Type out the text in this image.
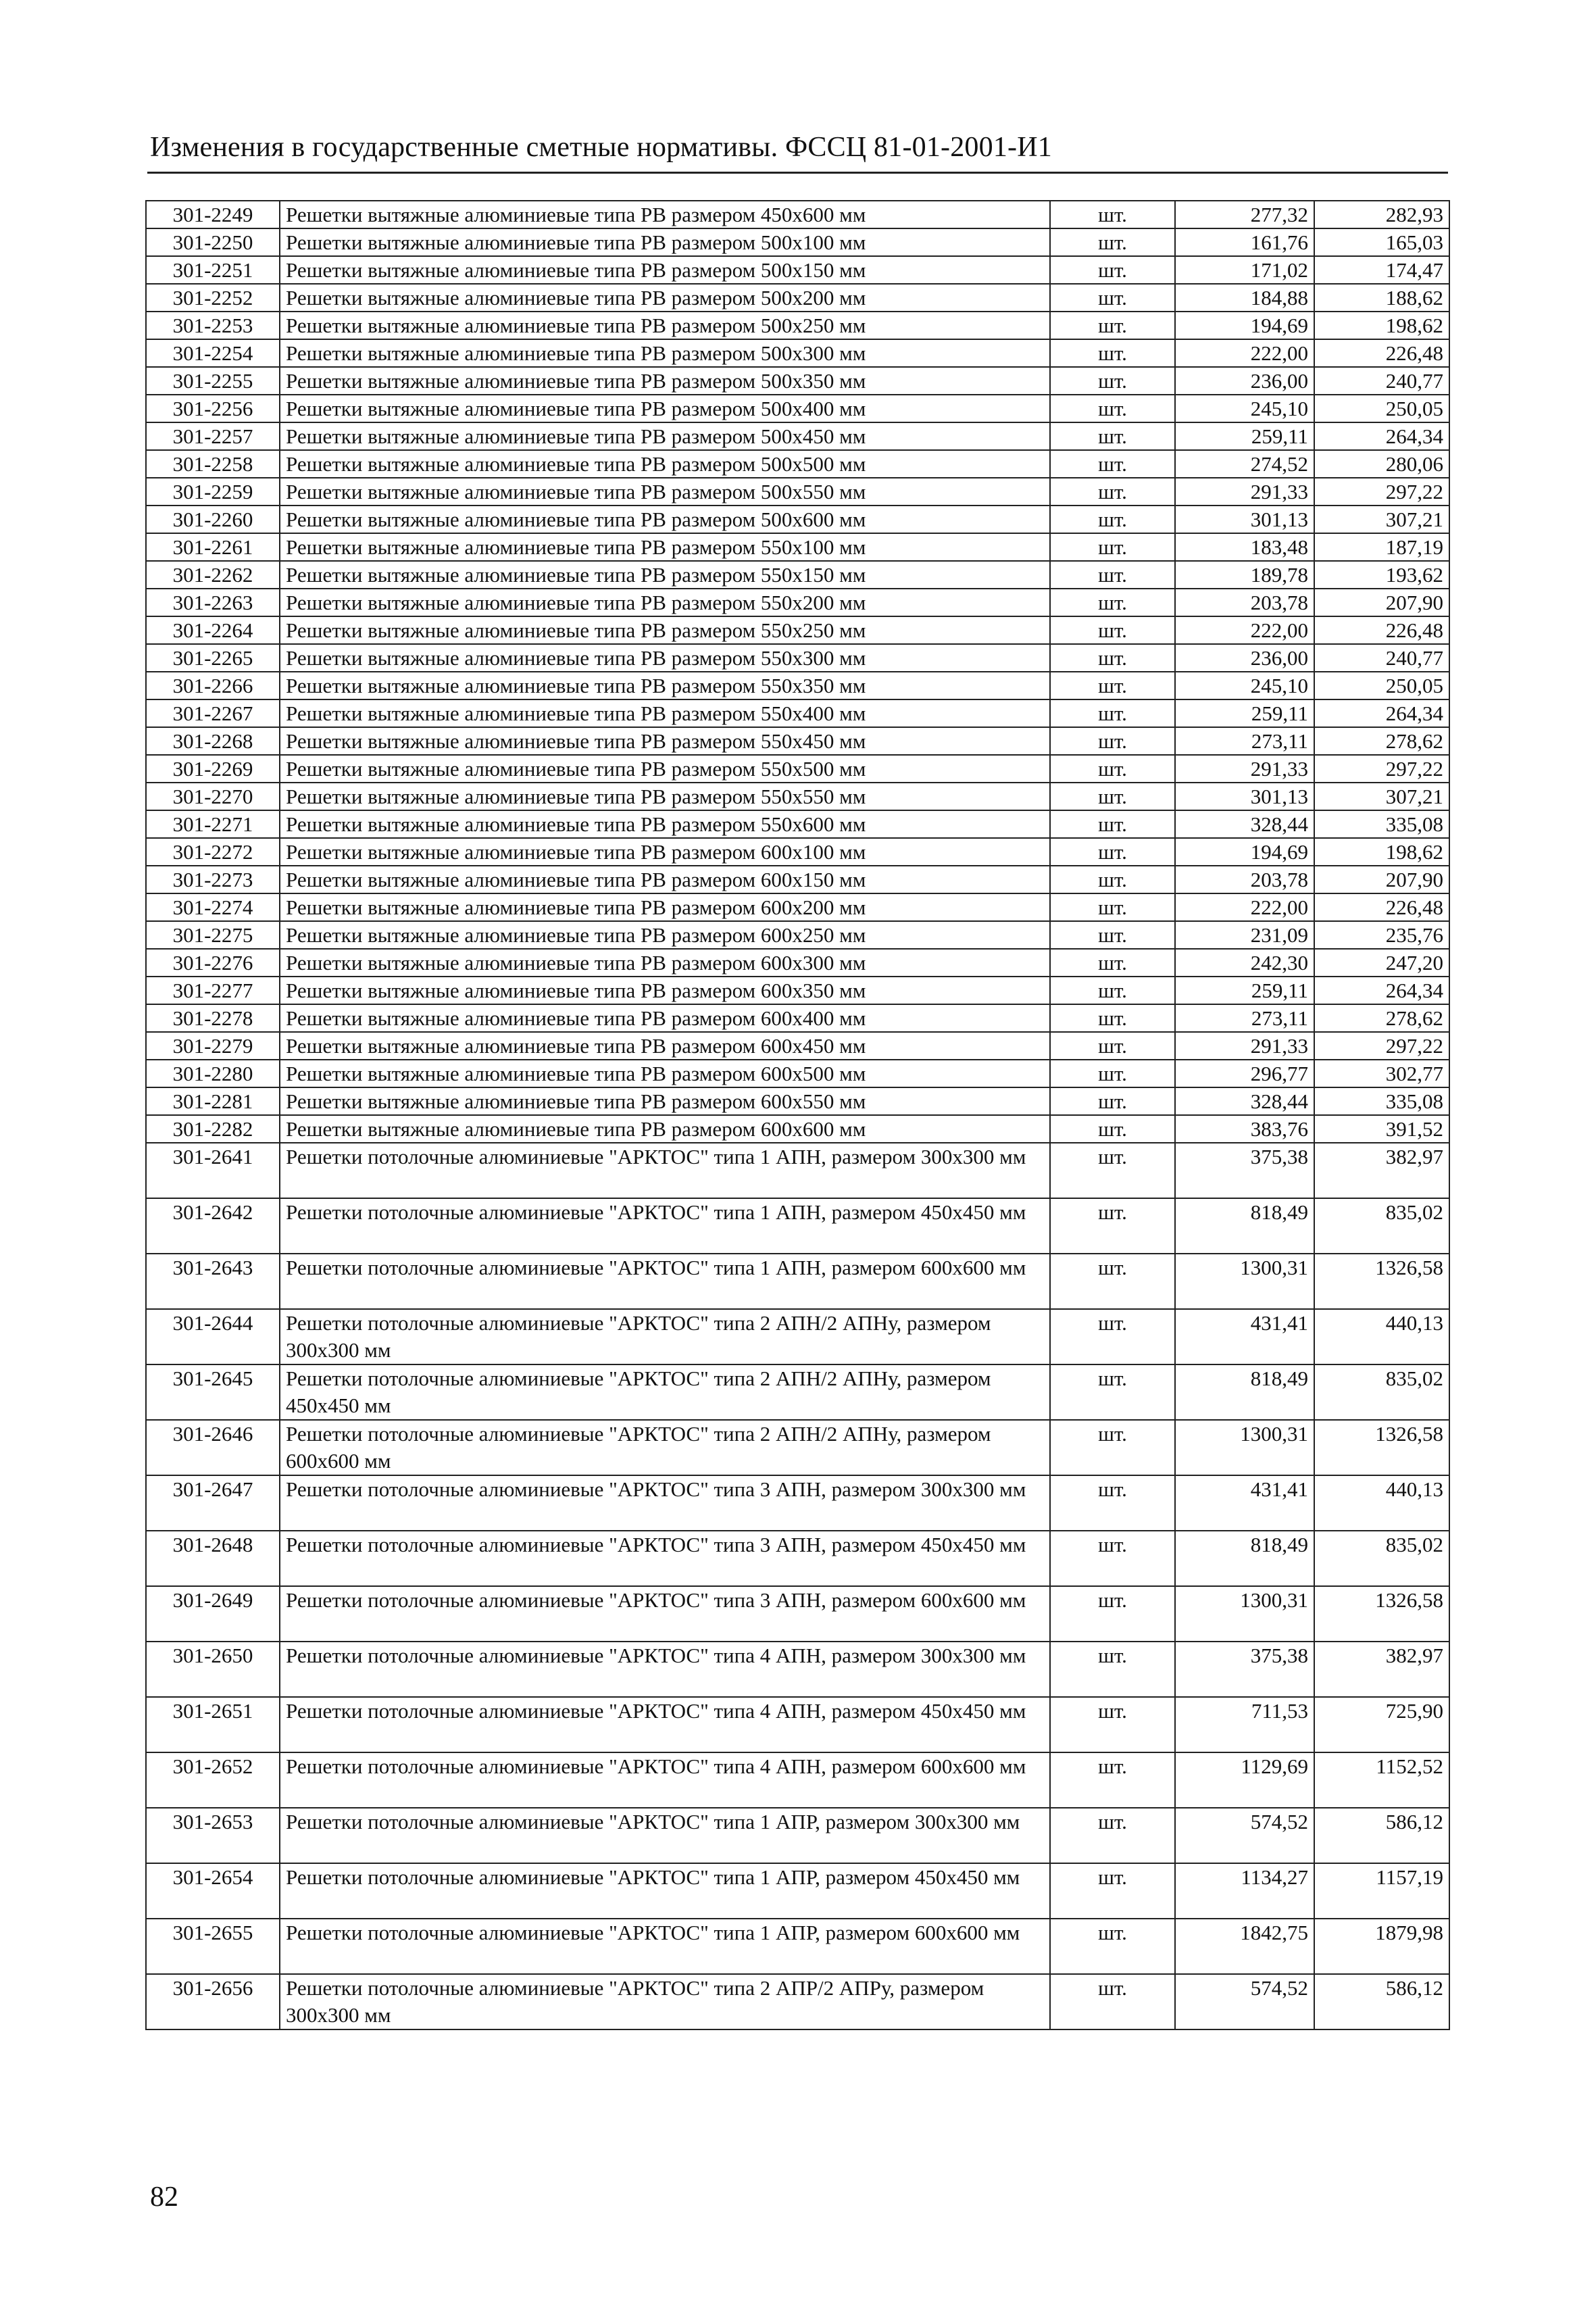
Изменения в государственные сметные нормативы. ФССЦ 81-01-2001-И1
301-2249	Решетки вытяжные алюминиевые типа РВ размером 450х600 мм	шт.	277,32	282,93
301-2250	Решетки вытяжные алюминиевые типа РВ размером 500х100 мм	шт.	161,76	165,03
301-2251	Решетки вытяжные алюминиевые типа РВ размером 500х150 мм	шт.	171,02	174,47
301-2252	Решетки вытяжные алюминиевые типа РВ размером 500х200 мм	шт.	184,88	188,62
301-2253	Решетки вытяжные алюминиевые типа РВ размером 500х250 мм	шт.	194,69	198,62
301-2254	Решетки вытяжные алюминиевые типа РВ размером 500х300 мм	шт.	222,00	226,48
301-2255	Решетки вытяжные алюминиевые типа РВ размером 500х350 мм	шт.	236,00	240,77
301-2256	Решетки вытяжные алюминиевые типа РВ размером 500х400 мм	шт.	245,10	250,05
301-2257	Решетки вытяжные алюминиевые типа РВ размером 500х450 мм	шт.	259,11	264,34
301-2258	Решетки вытяжные алюминиевые типа РВ размером 500х500 мм	шт.	274,52	280,06
301-2259	Решетки вытяжные алюминиевые типа РВ размером 500х550 мм	шт.	291,33	297,22
301-2260	Решетки вытяжные алюминиевые типа РВ размером 500х600 мм	шт.	301,13	307,21
301-2261	Решетки вытяжные алюминиевые типа РВ размером 550х100 мм	шт.	183,48	187,19
301-2262	Решетки вытяжные алюминиевые типа РВ размером 550х150 мм	шт.	189,78	193,62
301-2263	Решетки вытяжные алюминиевые типа РВ размером 550х200 мм	шт.	203,78	207,90
301-2264	Решетки вытяжные алюминиевые типа РВ размером 550х250 мм	шт.	222,00	226,48
301-2265	Решетки вытяжные алюминиевые типа РВ размером 550х300 мм	шт.	236,00	240,77
301-2266	Решетки вытяжные алюминиевые типа РВ размером 550х350 мм	шт.	245,10	250,05
301-2267	Решетки вытяжные алюминиевые типа РВ размером 550х400 мм	шт.	259,11	264,34
301-2268	Решетки вытяжные алюминиевые типа РВ размером 550х450 мм	шт.	273,11	278,62
301-2269	Решетки вытяжные алюминиевые типа РВ размером 550х500 мм	шт.	291,33	297,22
301-2270	Решетки вытяжные алюминиевые типа РВ размером 550х550 мм	шт.	301,13	307,21
301-2271	Решетки вытяжные алюминиевые типа РВ размером 550х600 мм	шт.	328,44	335,08
301-2272	Решетки вытяжные алюминиевые типа РВ размером 600х100 мм	шт.	194,69	198,62
301-2273	Решетки вытяжные алюминиевые типа РВ размером 600х150 мм	шт.	203,78	207,90
301-2274	Решетки вытяжные алюминиевые типа РВ размером 600х200 мм	шт.	222,00	226,48
301-2275	Решетки вытяжные алюминиевые типа РВ размером 600х250 мм	шт.	231,09	235,76
301-2276	Решетки вытяжные алюминиевые типа РВ размером 600х300 мм	шт.	242,30	247,20
301-2277	Решетки вытяжные алюминиевые типа РВ размером 600х350 мм	шт.	259,11	264,34
301-2278	Решетки вытяжные алюминиевые типа РВ размером 600х400 мм	шт.	273,11	278,62
301-2279	Решетки вытяжные алюминиевые типа РВ размером 600х450 мм	шт.	291,33	297,22
301-2280	Решетки вытяжные алюминиевые типа РВ размером 600х500 мм	шт.	296,77	302,77
301-2281	Решетки вытяжные алюминиевые типа РВ размером 600х550 мм	шт.	328,44	335,08
301-2282	Решетки вытяжные алюминиевые типа РВ размером 600х600 мм	шт.	383,76	391,52
301-2641	Решетки потолочные алюминиевые "АРКТОС" типа 1 АПН, размером 300х300 мм	шт.	375,38	382,97
301-2642	Решетки потолочные алюминиевые "АРКТОС" типа 1 АПН, размером 450х450 мм	шт.	818,49	835,02
301-2643	Решетки потолочные алюминиевые "АРКТОС" типа 1 АПН, размером 600х600 мм	шт.	1300,31	1326,58
301-2644	Решетки потолочные алюминиевые "АРКТОС" типа 2 АПН/2 АПНу, размером 300х300 мм	шт.	431,41	440,13
301-2645	Решетки потолочные алюминиевые "АРКТОС" типа 2 АПН/2 АПНу, размером 450х450 мм	шт.	818,49	835,02
301-2646	Решетки потолочные алюминиевые "АРКТОС" типа 2 АПН/2 АПНу, размером 600х600 мм	шт.	1300,31	1326,58
301-2647	Решетки потолочные алюминиевые "АРКТОС" типа 3 АПН, размером 300х300 мм	шт.	431,41	440,13
301-2648	Решетки потолочные алюминиевые "АРКТОС" типа 3 АПН, размером 450х450 мм	шт.	818,49	835,02
301-2649	Решетки потолочные алюминиевые "АРКТОС" типа 3 АПН, размером 600х600 мм	шт.	1300,31	1326,58
301-2650	Решетки потолочные алюминиевые "АРКТОС" типа 4 АПН, размером 300х300 мм	шт.	375,38	382,97
301-2651	Решетки потолочные алюминиевые "АРКТОС" типа 4 АПН, размером 450х450 мм	шт.	711,53	725,90
301-2652	Решетки потолочные алюминиевые "АРКТОС" типа 4 АПН, размером 600х600 мм	шт.	1129,69	1152,52
301-2653	Решетки потолочные алюминиевые "АРКТОС" типа 1 АПР, размером 300х300 мм	шт.	574,52	586,12
301-2654	Решетки потолочные алюминиевые "АРКТОС" типа 1 АПР, размером 450х450 мм	шт.	1134,27	1157,19
301-2655	Решетки потолочные алюминиевые "АРКТОС" типа 1 АПР, размером 600х600 мм	шт.	1842,75	1879,98
301-2656	Решетки потолочные алюминиевые "АРКТОС" типа 2 АПР/2 АПРу, размером 300х300 мм	шт.	574,52	586,12
82
